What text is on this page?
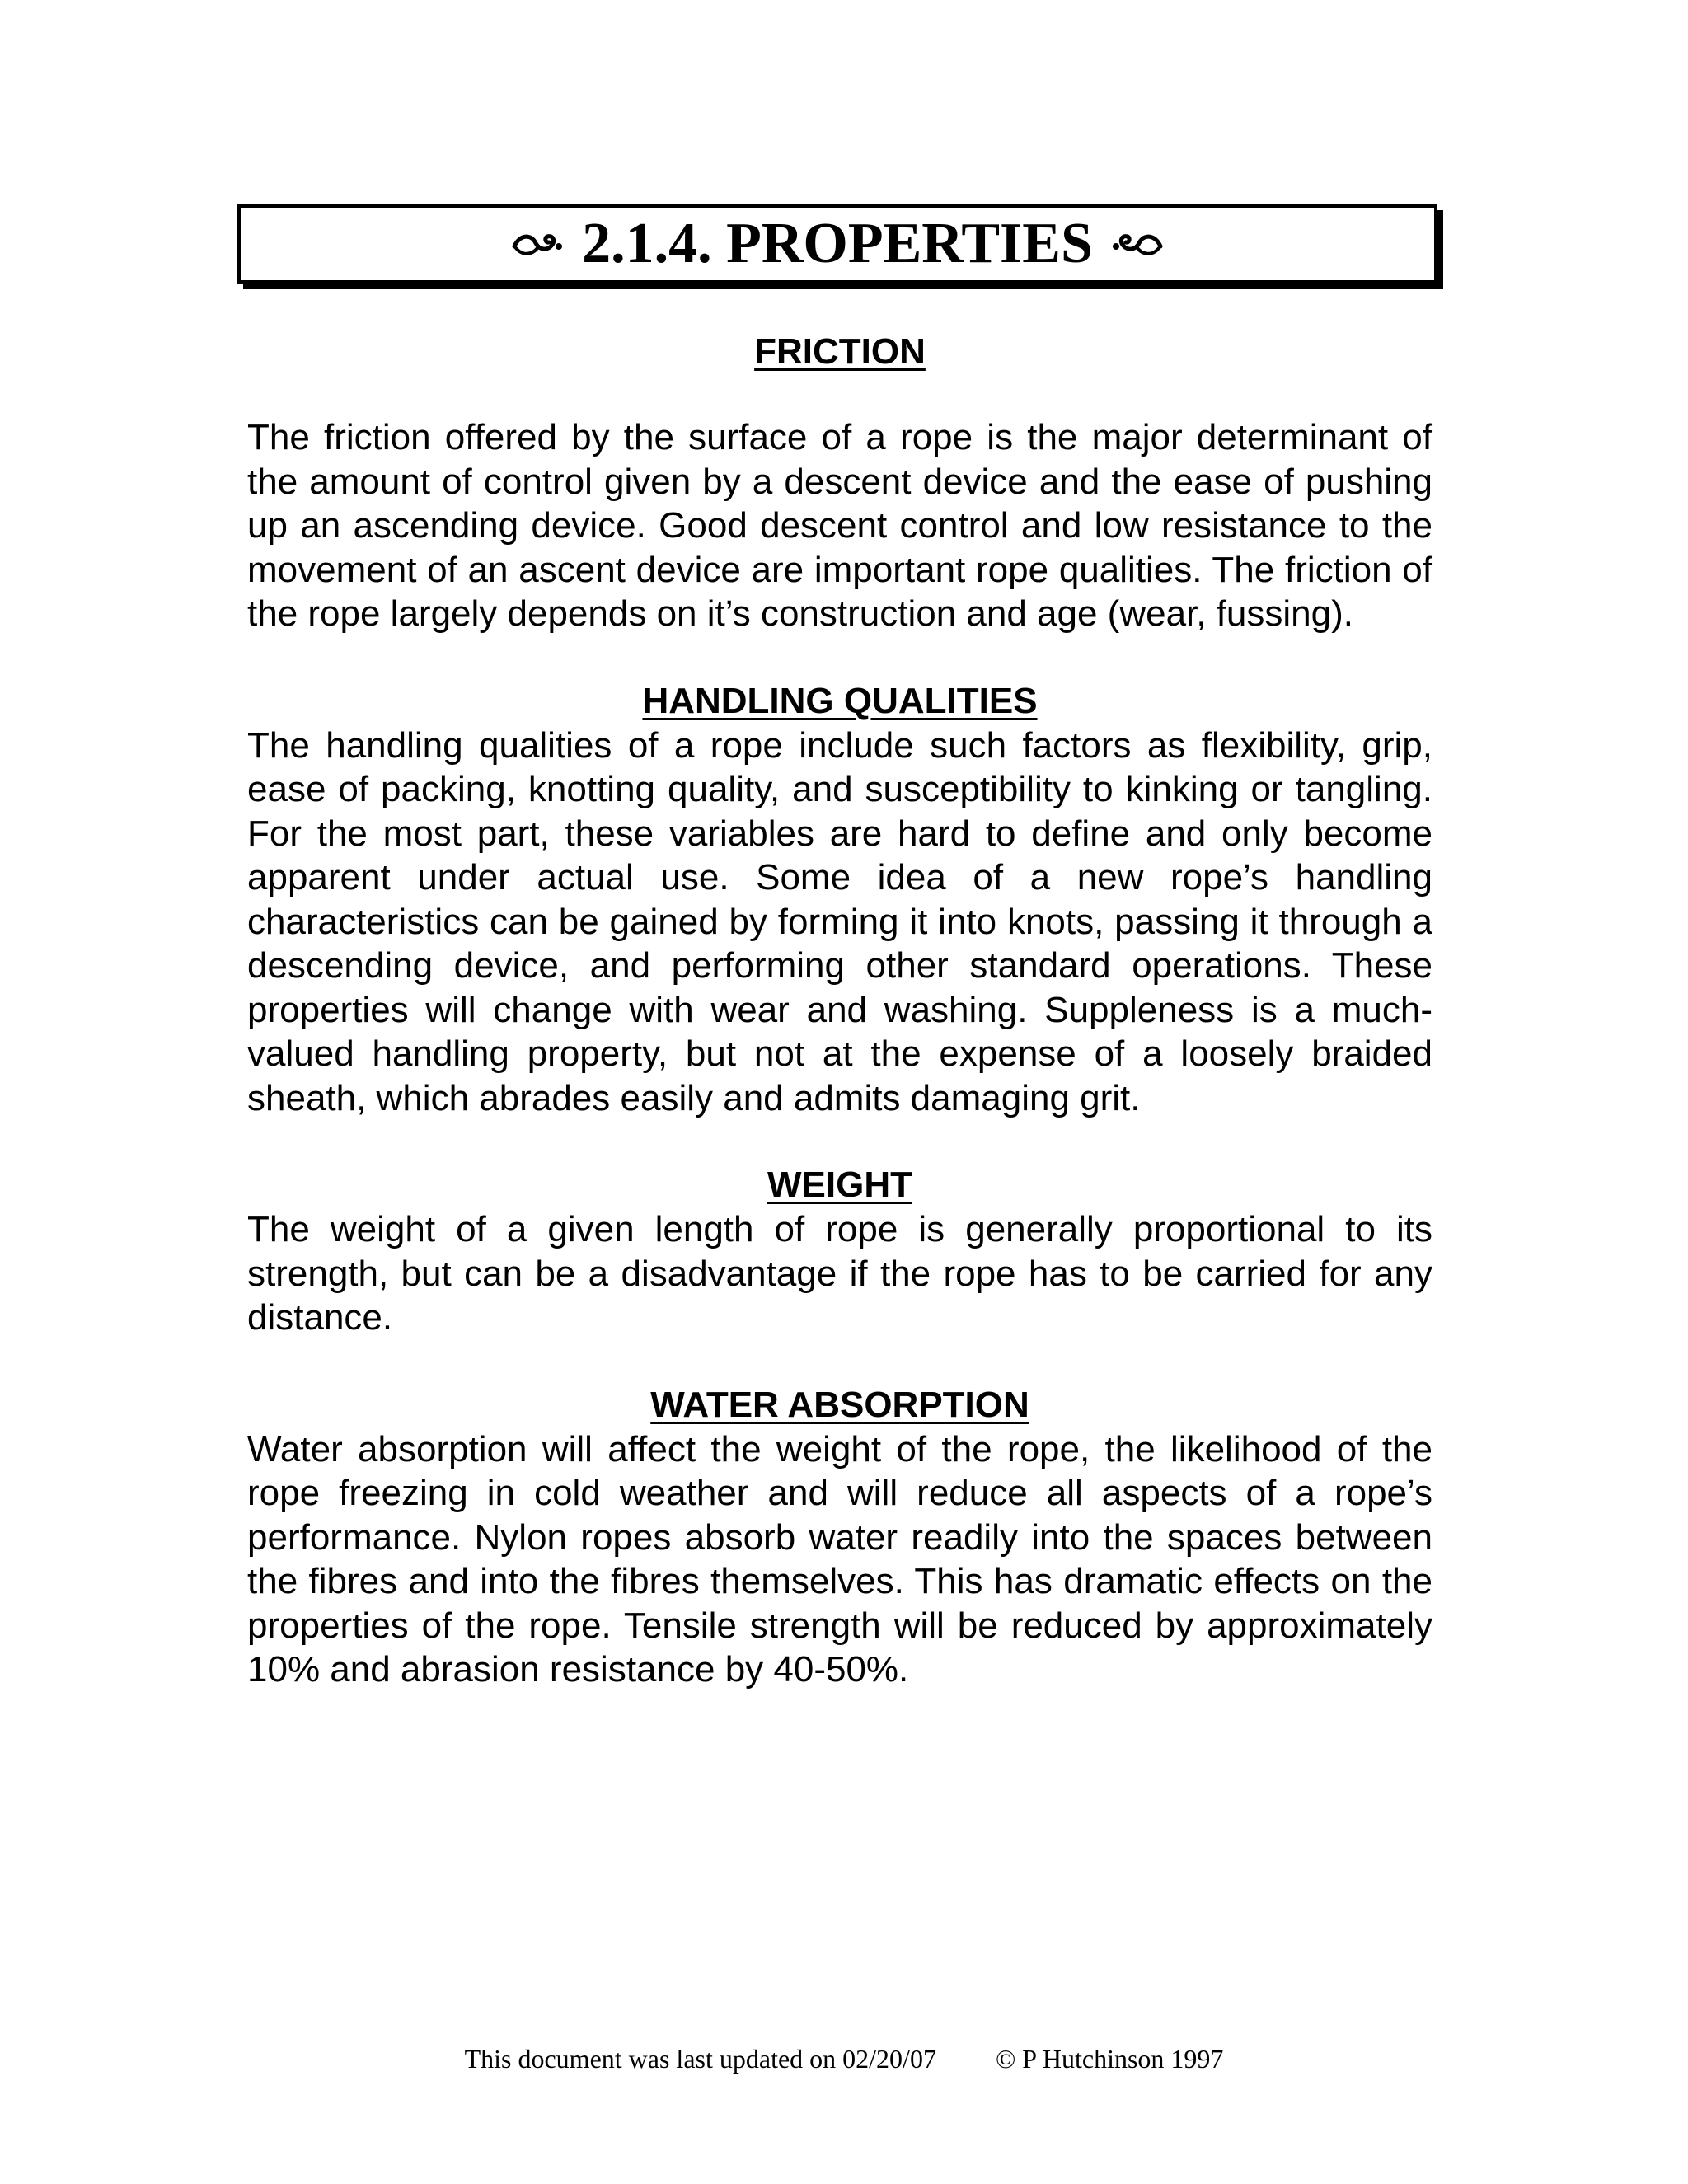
2.1.4. PROPERTIES
FRICTION

The friction offered by the surface of a rope is the major determinant of the amount of control given by a descent device and the ease of pushing up an ascending device. Good descent control and low resistance to the movement of an ascent device are important rope qualities. The friction of the rope largely depends on it’s construction and age (wear, fussing).

HANDLING QUALITIES

The handling qualities of a rope include such factors as flexibility, grip, ease of packing, knotting quality, and susceptibility to kinking or tangling. For the most part, these variables are hard to define and only become apparent under actual use. Some idea of a new rope’s handling characteristics can be gained by forming it into knots, passing it through a descending device, and performing other standard operations. These properties will change with wear and washing. Suppleness is a much-valued handling property, but not at the expense of a loosely braided sheath, which abrades easily and admits damaging grit.

WEIGHT

The weight of a given length of rope is generally proportional to its strength, but can be a disadvantage if the rope has to be carried for any distance.

WATER ABSORPTION

Water absorption will affect the weight of the rope, the likelihood of the rope freezing in cold weather and will reduce all aspects of a rope’s performance. Nylon ropes absorb water readily into the spaces between the fibres and into the fibres themselves. This has dramatic effects on the properties of the rope. Tensile strength will be reduced by approximately 10% and abrasion resistance by 40-50%.

This document was last updated on 02/20/07 © P Hutchinson 1997
